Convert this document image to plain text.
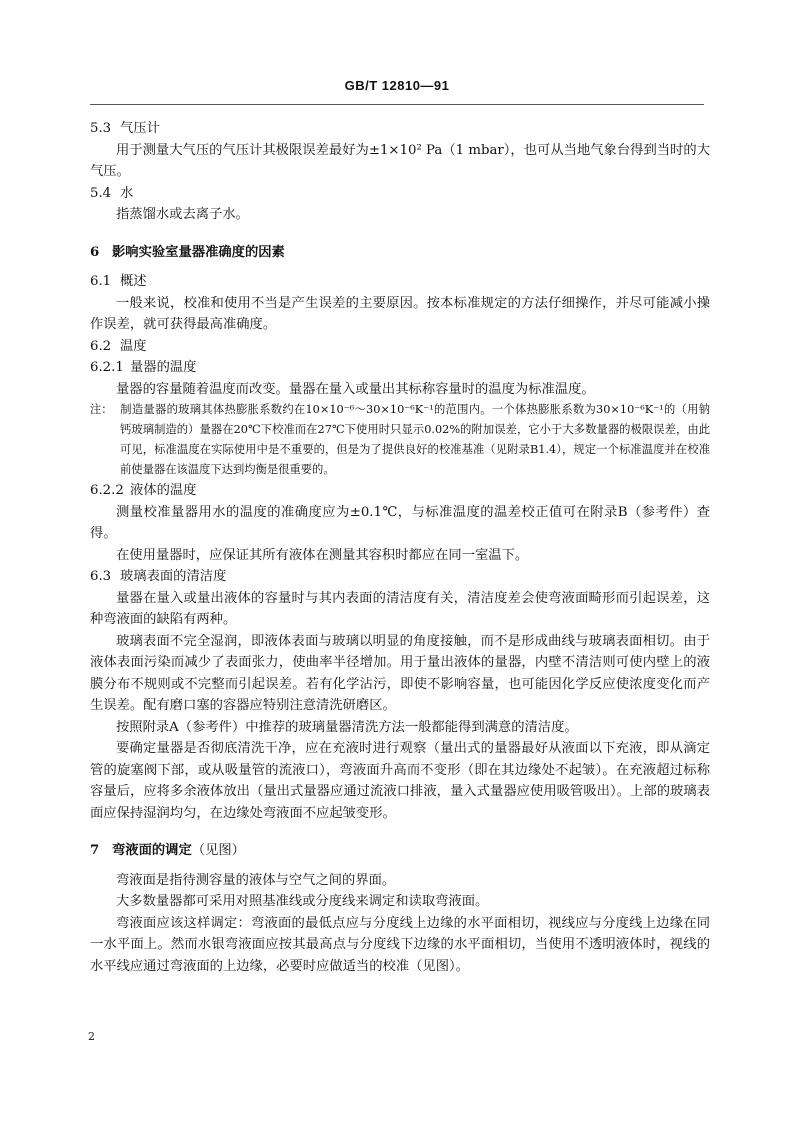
GB/T 12810—91

5.3 气压计

用于测量大气压的气压计其极限误差最好为±1×10² Pa（1 mbar），也可从当地气象台得到当时的大气压。

5.4 水

指蒸馏水或去离子水。

6 影响实验室量器准确度的因素

6.1 概述

一般来说，校准和使用不当是产生误差的主要原因。按本标准规定的方法仔细操作，并尽可能减小操作误差，就可获得最高准确度。

6.2 温度

6.2.1 量器的温度

量器的容量随着温度而改变。量器在量入或量出其标称容量时的温度为标准温度。

注： 制造量器的玻璃其体热膨胀系数约在10×10⁻⁶～30×10⁻⁶K⁻¹的范围内。一个体热膨胀系数为30×10⁻⁶K⁻¹的（用钠钙玻璃制造的）量器在20℃下校准而在27℃下使用时只显示0.02%的附加误差，它小于大多数量器的极限误差，由此可见，标准温度在实际使用中是不重要的，但是为了提供良好的校准基准（见附录B1.4），规定一个标准温度并在校准前使量器在该温度下达到均衡是很重要的。

6.2.2 液体的温度

测量校准量器用水的温度的准确度应为±0.1℃，与标准温度的温差校正值可在附录B（参考件）查得。

在使用量器时，应保证其所有液体在测量其容积时都应在同一室温下。

6.3 玻璃表面的清洁度

量器在量入或量出液体的容量时与其内表面的清洁度有关，清洁度差会使弯液面畸形而引起误差，这种弯液面的缺陷有两种。

玻璃表面不完全湿润，即液体表面与玻璃以明显的角度接触，而不是形成曲线与玻璃表面相切。由于液体表面污染而减少了表面张力，使曲率半径增加。用于量出液体的量器，内壁不清洁则可使内壁上的液膜分布不规则或不完整而引起误差。若有化学沾污，即使不影响容量，也可能因化学反应使浓度变化而产生误差。配有磨口塞的容器应特别注意清洗研磨区。

按照附录A（参考件）中推荐的玻璃量器清洗方法一般都能得到满意的清洁度。

要确定量器是否彻底清洗干净，应在充液时进行观察（量出式的量器最好从液面以下充液，即从滴定管的旋塞阀下部，或从吸量管的流液口），弯液面升高而不变形（即在其边缘处不起皱）。在充液超过标称容量后，应将多余液体放出（量出式量器应通过流液口排液，量入式量器应使用吸管吸出）。上部的玻璃表面应保持湿润均匀，在边缘处弯液面不应起皱变形。

7 弯液面的调定（见图）

弯液面是指待测容量的液体与空气之间的界面。

大多数量器都可采用对照基准线或分度线来调定和读取弯液面。

弯液面应该这样调定：弯液面的最低点应与分度线上边缘的水平面相切，视线应与分度线上边缘在同一水平面上。然而水银弯液面应按其最高点与分度线下边缘的水平面相切，当使用不透明液体时，视线的水平线应通过弯液面的上边缘，必要时应做适当的校准（见图）。

2
